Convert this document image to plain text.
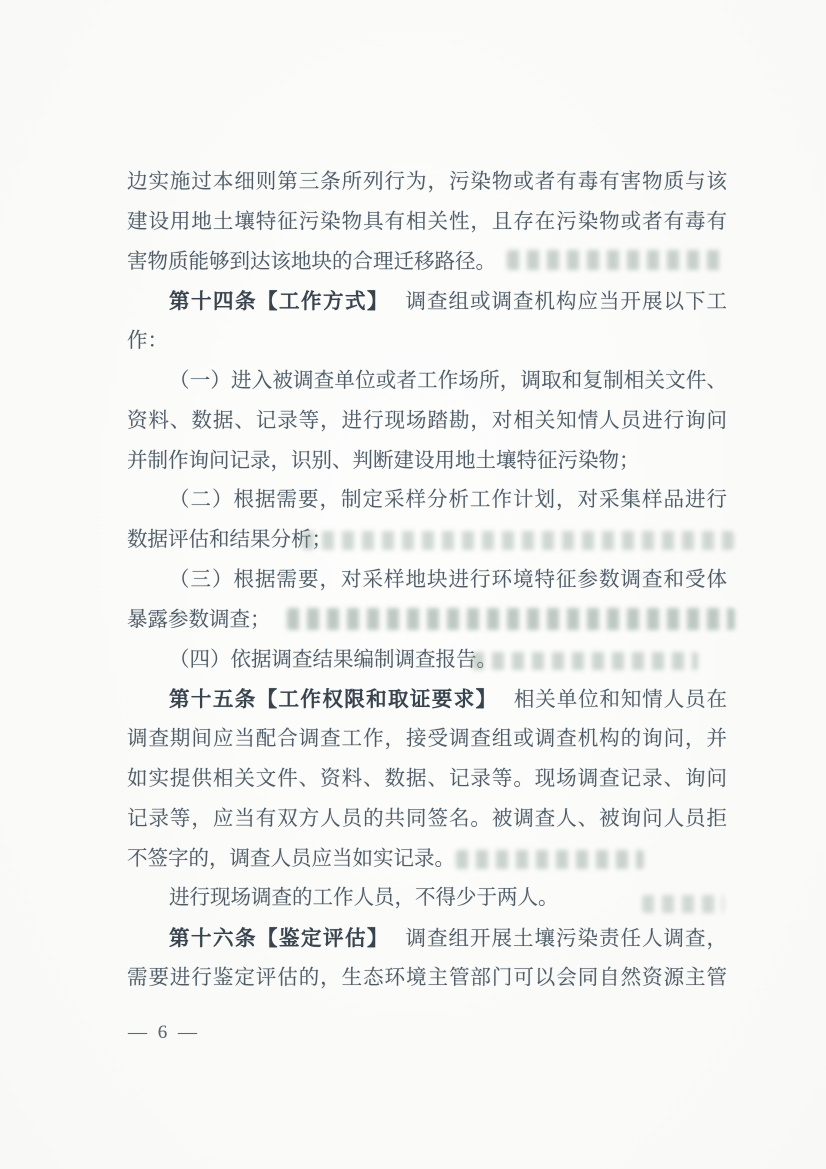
边实施过本细则第三条所列行为，污染物或者有毒有害物质与该
建设用地土壤特征污染物具有相关性，且存在污染物或者有毒有
害物质能够到达该地块的合理迁移路径。
第十四条【工作方式】 调查组或调查机构应当开展以下工
作：
（一）进入被调查单位或者工作场所，调取和复制相关文件、
资料、数据、记录等，进行现场踏勘，对相关知情人员进行询问
并制作询问记录，识别、判断建设用地土壤特征污染物；
（二）根据需要，制定采样分析工作计划，对采集样品进行
数据评估和结果分析；
（三）根据需要，对采样地块进行环境特征参数调查和受体
暴露参数调查；
（四）依据调查结果编制调查报告。
第十五条【工作权限和取证要求】 相关单位和知情人员在
调查期间应当配合调查工作，接受调查组或调查机构的询问，并
如实提供相关文件、资料、数据、记录等。现场调查记录、询问
记录等，应当有双方人员的共同签名。被调查人、被询问人员拒
不签字的，调查人员应当如实记录。
进行现场调查的工作人员，不得少于两人。
第十六条【鉴定评估】 调查组开展土壤污染责任人调查，
需要进行鉴定评估的，生态环境主管部门可以会同自然资源主管
— 6 —
